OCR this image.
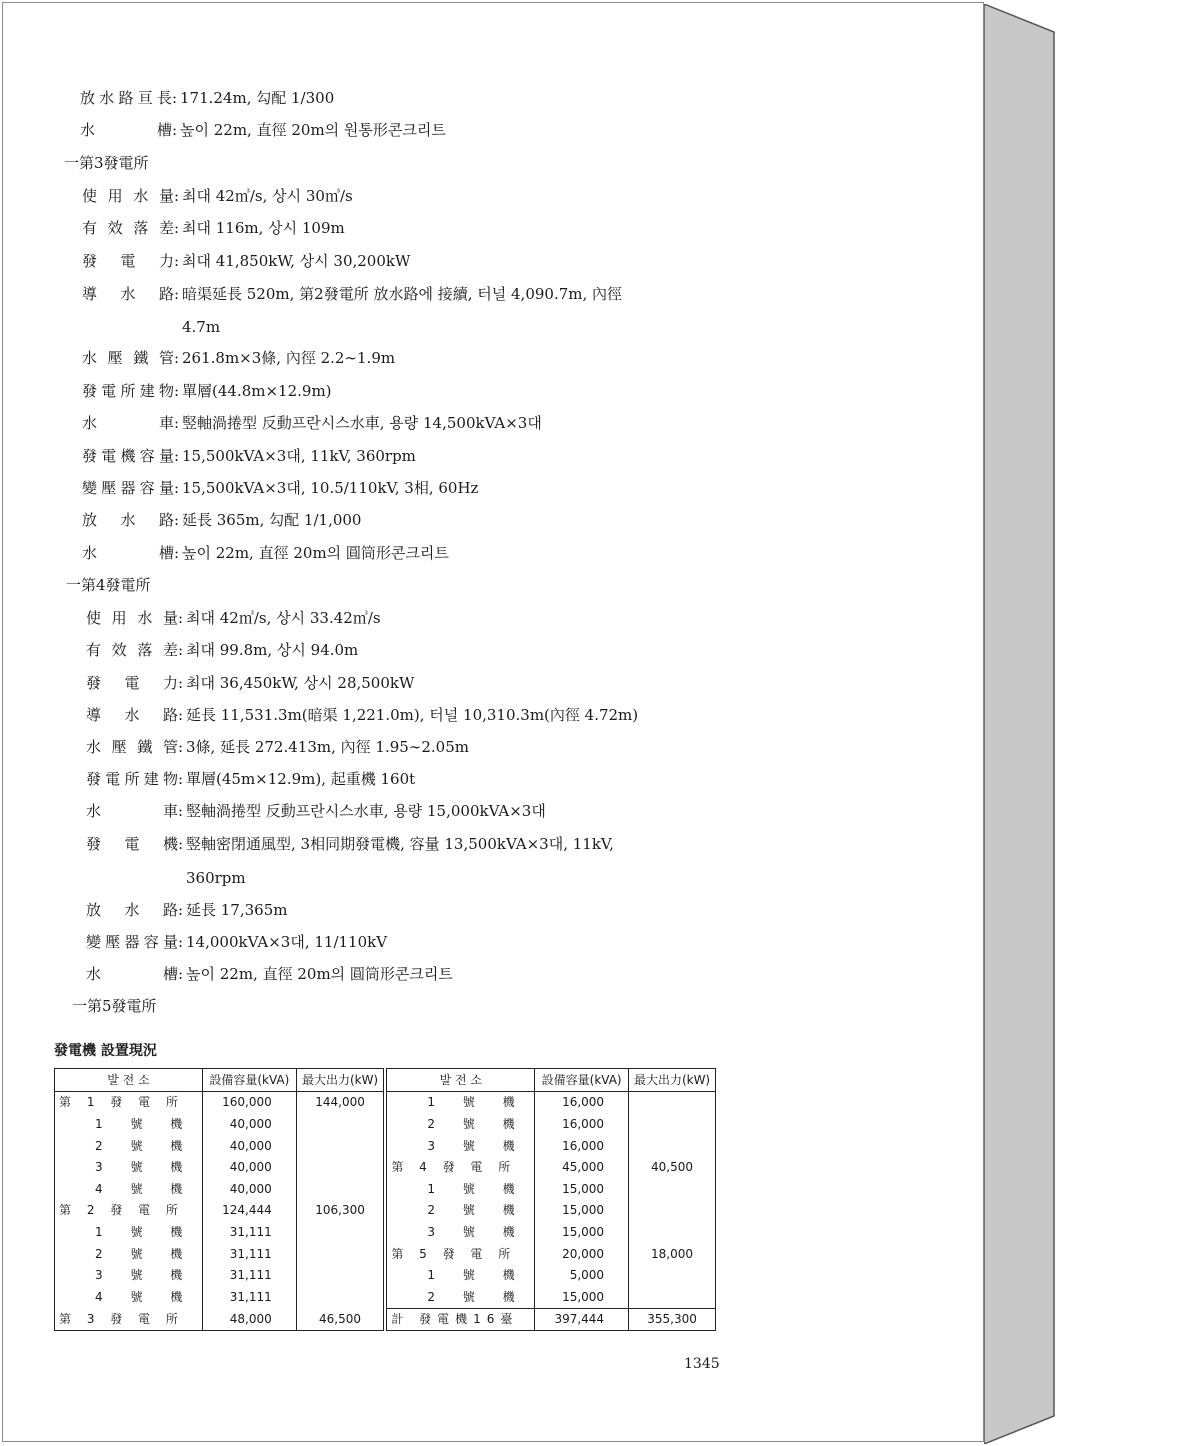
放水路亘長: 171.24m, 勾配 1/300
水槽: 높이 22m, 直徑 20m의 원통形콘크리트
一第3發電所
使用水量: 최대 42㎥/s, 상시 30㎥/s
有效落差: 최대 116m, 상시 109m
發電力: 최대 41,850kW, 상시 30,200kW
導水路: 暗渠延長 520m, 第2發電所 放水路에 接續, 터널 4,090.7m, 內徑
4.7m
水壓鐵管: 261.8m×3條, 內徑 2.2∼1.9m
發電所建物: 單層(44.8m×12.9m)
水車: 竪軸渦捲型 反動프란시스水車, 용량 14,500kVA×3대
發電機容量: 15,500kVA×3대, 11kV, 360rpm
變壓器容量: 15,500kVA×3대, 10.5/110kV, 3相, 60Hz
放水路: 延長 365m, 勾配 1/1,000
水槽: 높이 22m, 直徑 20m의 圓筒形콘크리트
一第4發電所
使用水量: 최대 42㎥/s, 상시 33.42㎥/s
有效落差: 최대 99.8m, 상시 94.0m
發電力: 최대 36,450kW, 상시 28,500kW
導水路: 延長 11,531.3m(暗渠 1,221.0m), 터널 10,310.3m(內徑 4.72m)
水壓鐵管: 3條, 延長 272.413m, 內徑 1.95∼2.05m
發電所建物: 單層(45m×12.9m), 起重機 160t
水車: 竪軸渦捲型 反動프란시스水車, 용량 15,000kVA×3대
發電機: 竪軸密閉通風型, 3相同期發電機, 容量 13,500kVA×3대, 11kV,
360rpm
放水路: 延長 17,365m
變壓器容量: 14,000kVA×3대, 11/110kV
水槽: 높이 22m, 直徑 20m의 圓筒形콘크리트
一第5發電所
發電機 設置現況
발 전 소	設備容量(kVA)	最大出力(kW)	발 전 소	設備容量(kVA)	最大出力(kW)
第 1 發 電 所	160,000	144,000	1 號 機	16,000	
1 號 機	40,000		2 號 機	16,000	
2 號 機	40,000		3 號 機	16,000	
3 號 機	40,000		第 4 發 電 所	45,000	40,500
4 號 機	40,000		1 號 機	15,000	
第 2 發 電 所	124,444	106,300	2 號 機	15,000	
1 號 機	31,111		3 號 機	15,000	
2 號 機	31,111		第 5 發 電 所	20,000	18,000
3 號 機	31,111		1 號 機	5,000	
4 號 機	31,111		2 號 機	15,000	
第 3 發 電 所	48,000	46,500	計 發電機16臺	397,444	355,300
1345
